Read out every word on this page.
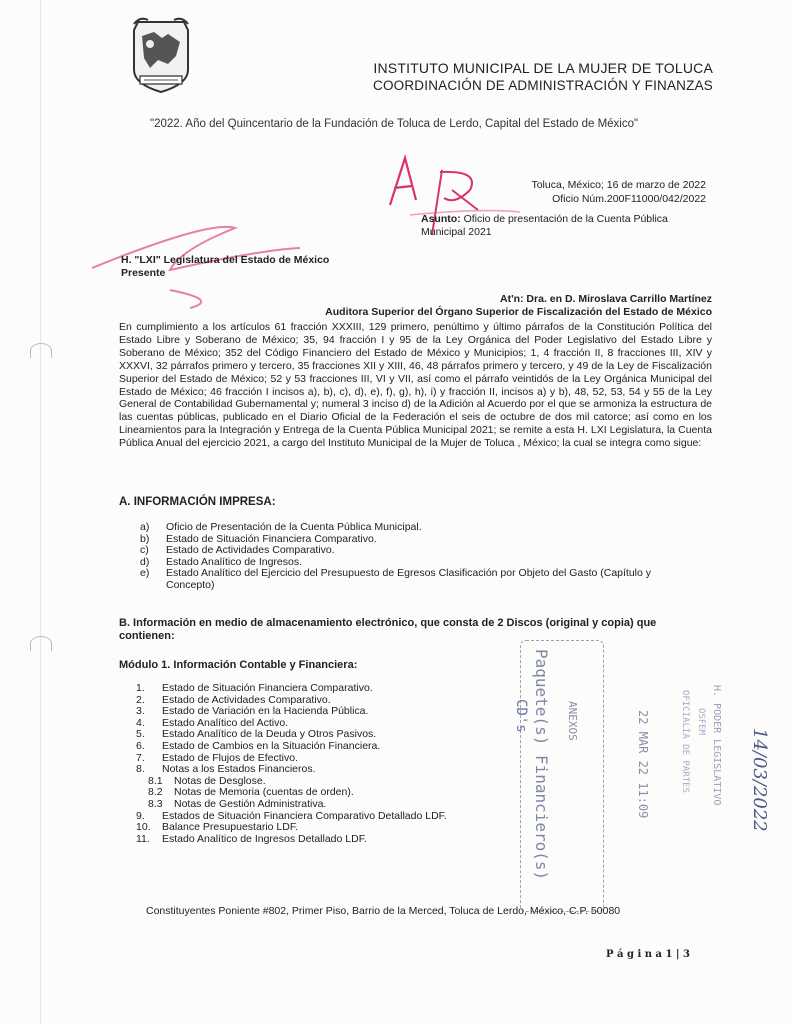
INSTITUTO MUNICIPAL DE LA MUJER DE TOLUCA
COORDINACIÓN DE ADMINISTRACIÓN Y FINANZAS
"2022. Año del Quincentario de la Fundación de Toluca de Lerdo, Capital del Estado de México"
Toluca, México; 16 de marzo de 2022
Oficio Núm.200F11000/042/2022
Asunto: Oficio de presentación de la Cuenta Pública
Municipal 2021
H. "LXI" Legislatura del Estado de México
Presente
At'n: Dra. en D. Miroslava Carrillo Martínez
Auditora Superior del Órgano Superior de Fiscalización del Estado de México
En cumplimiento a los artículos 61 fracción XXXIII, 129 primero, penúltimo y último párrafos de la Constitución Política del Estado Libre y Soberano de México; 35, 94 fracción I y 95 de la Ley Orgánica del Poder Legislativo del Estado Libre y Soberano de México; 352 del Código Financiero del Estado de México y Municipios; 1, 4 fracción II, 8 fracciones III, XIV y XXXVI, 32 párrafos primero y tercero, 35 fracciones XII y XIII, 46, 48 párrafos primero y tercero, y 49 de la Ley de Fiscalización Superior del Estado de México; 52 y 53 fracciones III, VI y VII, así como el párrafo veintidós de la Ley Orgánica Municipal del Estado de México; 46 fracción I incisos a), b), c), d), e), f), g), h), i) y fracción II, incisos a) y b), 48, 52, 53, 54 y 55 de la Ley General de Contabilidad Gubernamental y; numeral 3 inciso d) de la Adición al Acuerdo por el que se armoniza la estructura de las cuentas públicas, publicado en el Diario Oficial de la Federación el seis de octubre de dos mil catorce; así como en los Lineamientos para la Integración y Entrega de la Cuenta Pública Municipal 2021; se remite a esta H. LXI Legislatura, la Cuenta Pública Anual del ejercicio 2021, a cargo del Instituto Municipal de la Mujer de Toluca , México; la cual se integra como sigue:
A. INFORMACIÓN IMPRESA:
a)	Oficio de Presentación de la Cuenta Pública Municipal.
b)	Estado de Situación Financiera Comparativo.
c)	Estado de Actividades Comparativo.
d)	Estado Analítico de Ingresos.
e)	Estado Analítico del Ejercicio del Presupuesto de Egresos Clasificación por Objeto del Gasto (Capítulo y
Concepto)
B. Información en medio de almacenamiento electrónico, que consta de 2 Discos (original y copia) que
contienen:
Módulo 1. Información Contable y Financiera:
1.	Estado de Situación Financiera Comparativo.
2.	Estado de Actividades Comparativo.
3.	Estado de Variación en la Hacienda Pública.
4.	Estado Analítico del Activo.
5.	Estado Analítico de la Deuda y Otros Pasivos.
6.	Estado de Cambios en la Situación Financiera.
7.	Estado de Flujos de Efectivo.
8.	Notas a los Estados Financieros.
8.1	Notas de Desglose.
8.2	Notas de Memoria (cuentas de orden).
8.3	Notas de Gestión Administrativa.
9.	Estados de Situación Financiera Comparativo Detallado LDF.
10.	Balance Presupuestario LDF.
11.	Estado Analítico de Ingresos Detallado LDF.	Paquete(s) Financiero(s) ANEXOS
CD's	22 MAR 22 11:09	H. PODER LEGISLATIVO
OSFEM
OFICIALÍA DE PARTES	14/03/2022
Constituyentes Poniente #802, Primer Piso, Barrio de la Merced, Toluca de Lerdo, México, C.P. 50080
P á g i n a 1 | 3
